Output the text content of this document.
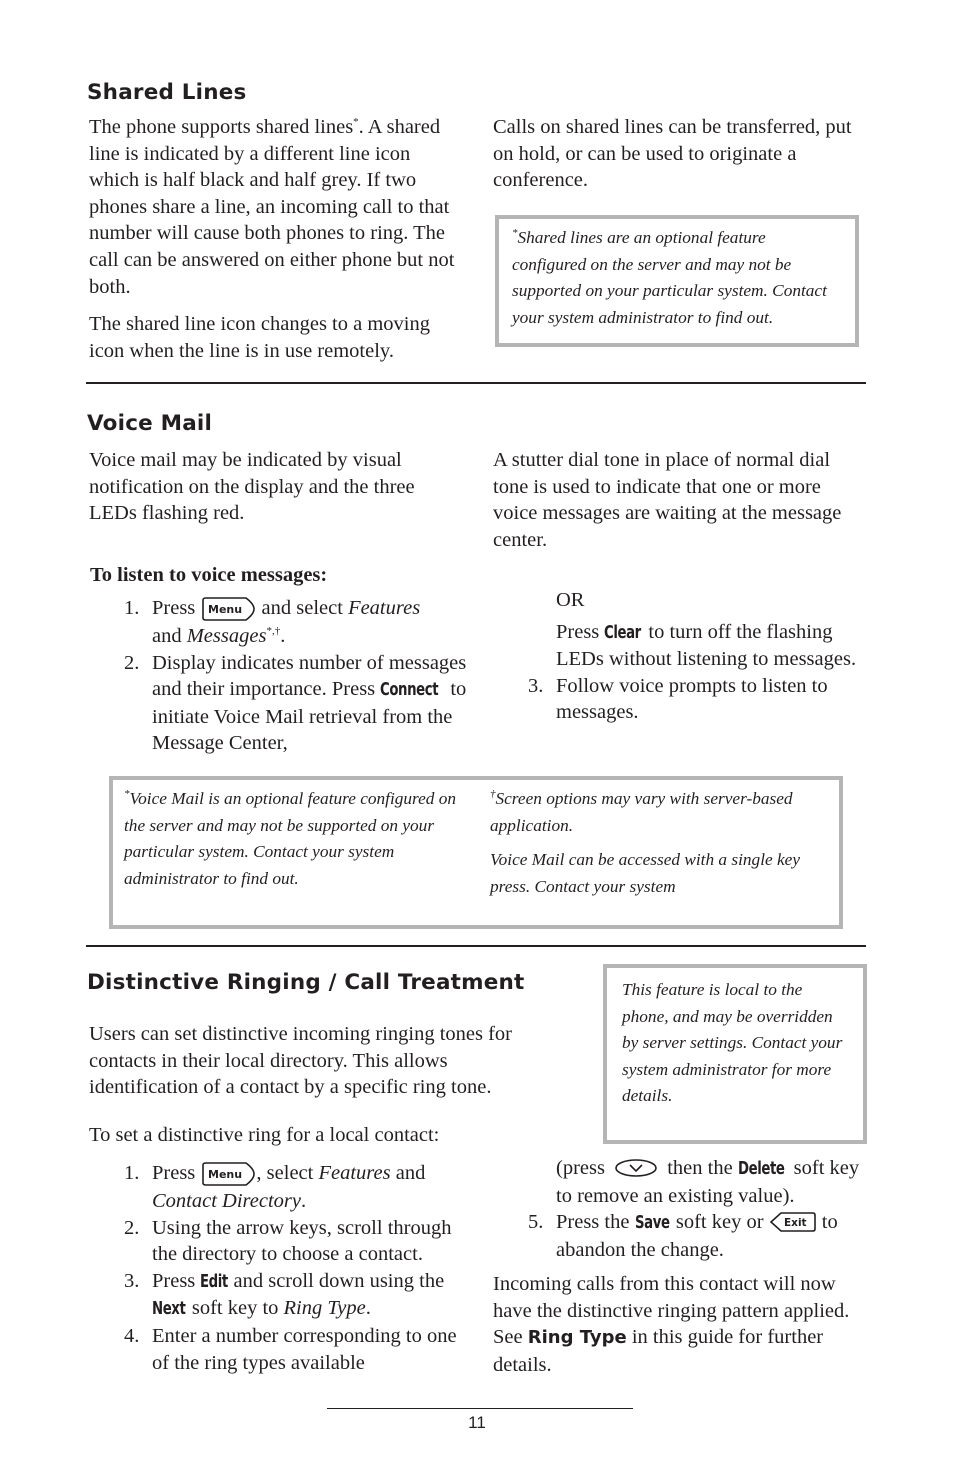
Shared Lines

The phone supports shared lines*. A shared line is indicated by a different line icon which is half black and half grey. If two phones share a line, an incoming call to that number will cause both phones to ring. The call can be answered on either phone but not both.

The shared line icon changes to a moving icon when the line is in use remotely.

Calls on shared lines can be transferred, put on hold, or can be used to originate a conference.

*Shared lines are an optional feature configured on the server and may not be supported on your particular system. Contact your system administrator to find out.
Voice Mail

Voice mail may be indicated by visual notification on the display and the three LEDs flashing red.

A stutter dial tone in place of normal dial tone is used to indicate that one or more voice messages are waiting at the message center.

To listen to voice messages:

1. Press Menu and select Features
and Messages*,†.
2. Display indicates number of messages and their importance. Press Connect to initiate Voice Mail retrieval from the Message Center,
OR
Press Clear to turn off the flashing LEDs without listening to messages.
3. Follow voice prompts to listen to messages.
*Voice Mail is an optional feature configured on the server and may not be supported on your particular system. Contact your system administrator to find out.
†Screen options may vary with server-based application.
Voice Mail can be accessed with a single key press. Contact your system
Distinctive Ringing / Call Treatment	This feature is local to the phone, and may be overridden by server settings. Contact your system administrator for more details.

Users can set distinctive incoming ringing tones for contacts in their local directory. This allows identification of a contact by a specific ring tone.

To set a distinctive ring for a local contact:

1. Press Menu , select Features and
Contact Directory.
2. Using the arrow keys, scroll through the directory to choose a contact.
3. Press Edit and scroll down using the
Next soft key to Ring Type.
4. Enter a number corresponding to one of the ring types available
(press	then the Delete soft key to remove an existing value).
5. Press the Save soft key or Exit to abandon the change.

Incoming calls from this contact will now have the distinctive ringing pattern applied. See Ring Type in this guide for further details.

11
